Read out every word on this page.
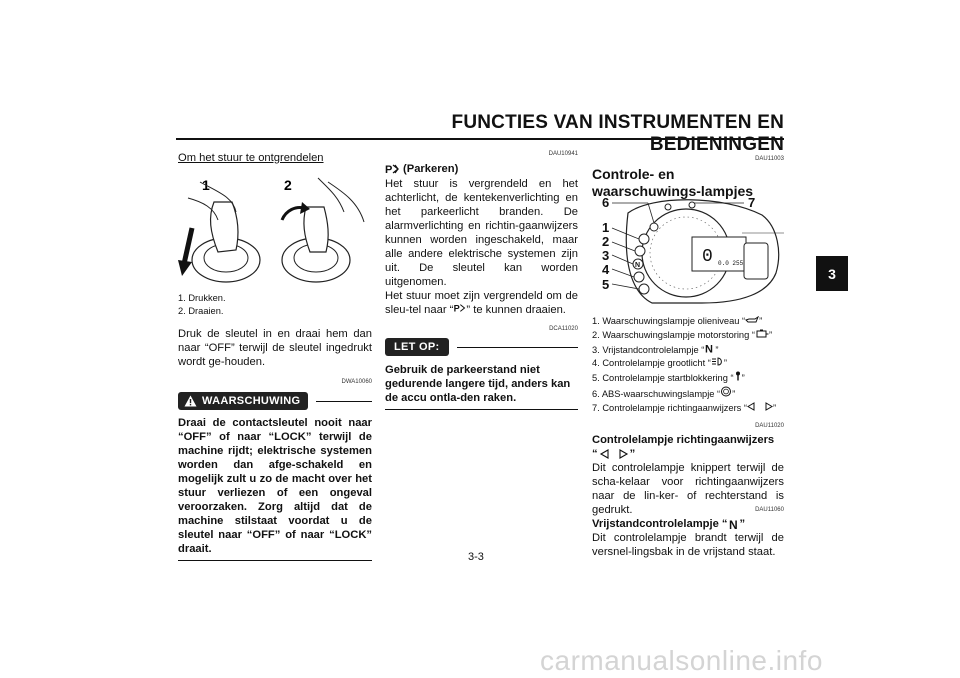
FUNCTIES VAN INSTRUMENTEN EN BEDIENINGEN
3
Om het stuur te ontgrendelen
1	2
1. Drukken.
2. Draaien.

Druk de sleutel in en draai hem dan naar “OFF” terwijl de sleutel ingedrukt wordt ge-houden.

DWA10060
WAARSCHUWING

Draai de contactsleutel nooit naar “OFF” of naar “LOCK” terwijl de machine rijdt; elektrische systemen worden dan afge-schakeld en mogelijk zult u zo de macht over het stuur verliezen of een ongeval veroorzaken. Zorg altijd dat de machine stilstaat voordat u de sleutel naar “OFF” of naar “LOCK” draait.

DAU10941
P (Parkeren)

Het stuur is vergrendeld en het achterlicht, de kentekenverlichting en het parkeerlicht branden. De alarmverlichting en richtin-gaanwijzers kunnen worden ingeschakeld, maar alle andere elektrische systemen zijn uit. De sleutel kan worden uitgenomen.

Het stuur moet zijn vergrendeld om de sleu-tel naar “ P ” te kunnen draaien.

DCA11020
LET OP:

Gebruik de parkeerstand niet gedurende langere tijd, anders kan de accu ontla-den raken.

DAU11003
Controle- en waarschuwings-lampjes
0 0.0 255
N
6	7
1
2
3
4
5
1. Waarschuwingslampje olieniveau “ ”
2. Waarschuwingslampje motorstoring “ ”
3. Vrijstandcontrolelampje “ N ”
4. Controlelampje grootlicht “ ”
5. Controlelampje startblokkering “ ”
6. ABS-waarschuwingslampje “ ”
7. Controlelampje richtingaanwijzers “	”
DAU11020
Controlelampje richtingaanwijzers
“	”

Dit controlelampje knippert terwijl de scha-kelaar voor richtingaanwijzers naar de lin-ker- of rechterstand is gedrukt.	DAU11060
Vrijstandcontrolelampje “ N ”

Dit controlelampje brandt terwijl de versnel-lingsbak in de vrijstand staat.

3-3
carmanualsonline.info
